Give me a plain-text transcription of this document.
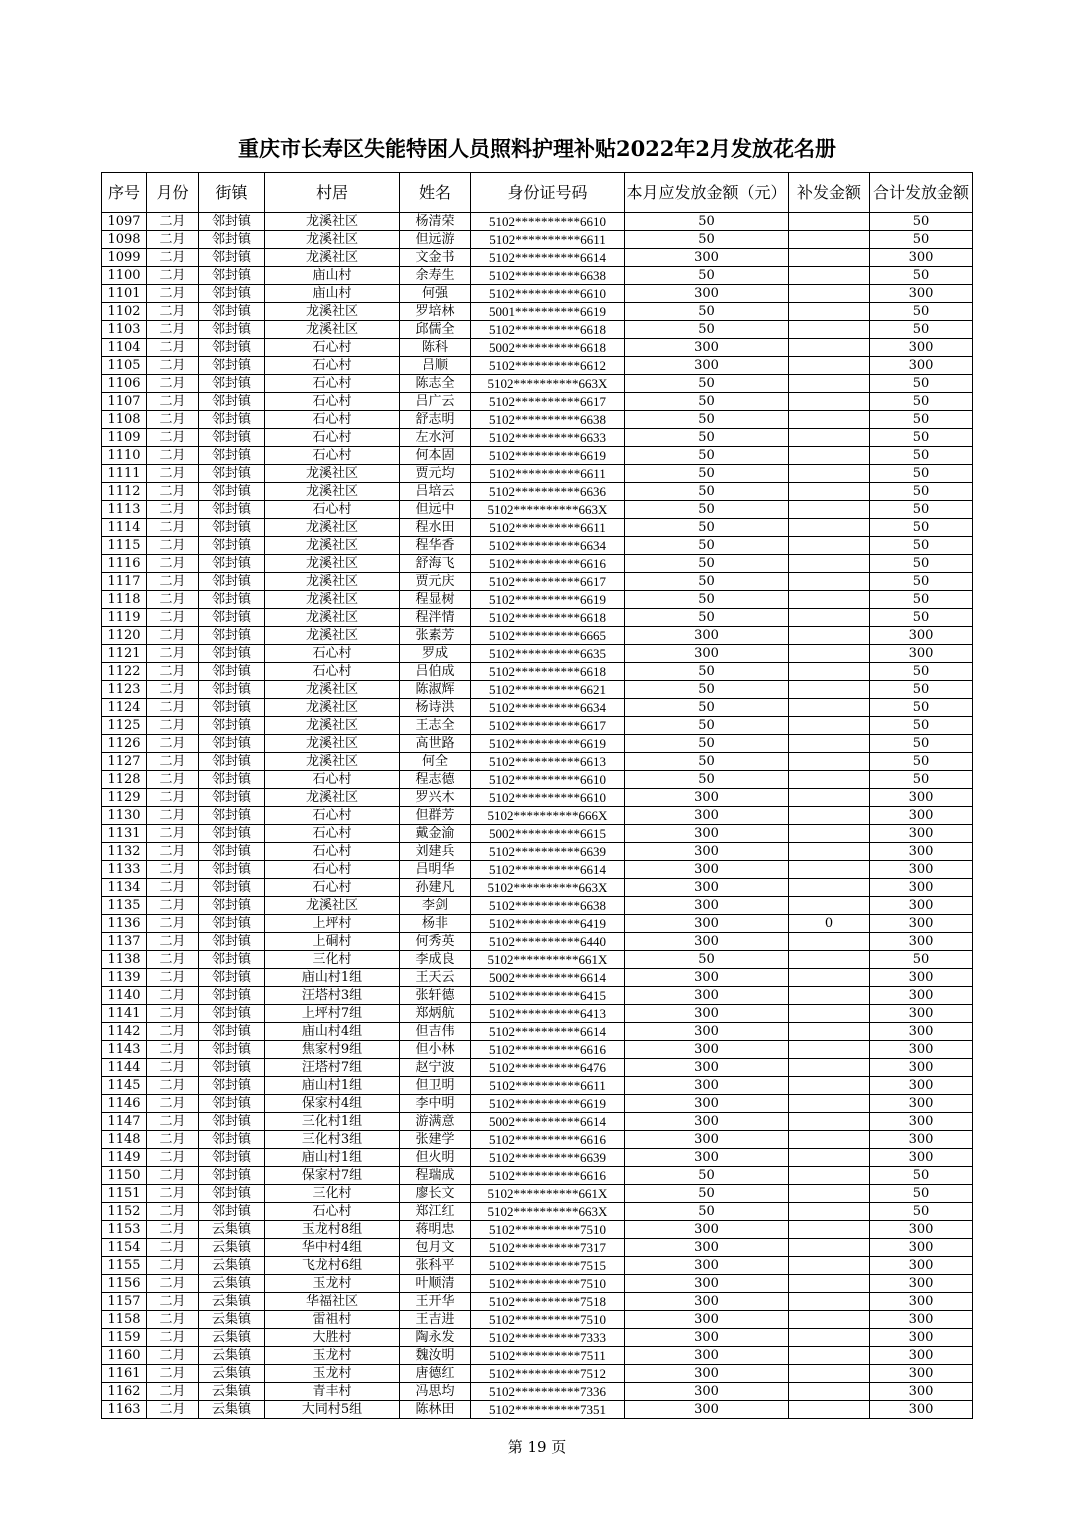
重庆市长寿区失能特困人员照料护理补贴2022年2月发放花名册
序号	月份	街镇	村居	姓名	身份证号码	本月应发放金额（元）	补发金额	合计发放金额
1097	二月	邻封镇	龙溪社区	杨清荣	5102**********6610	50		50
1098	二月	邻封镇	龙溪社区	但远游	5102**********6611	50		50
1099	二月	邻封镇	龙溪社区	文金书	5102**********6614	300		300
1100	二月	邻封镇	庙山村	余寿生	5102**********6638	50		50
1101	二月	邻封镇	庙山村	何强	5102**********6610	300		300
1102	二月	邻封镇	龙溪社区	罗培林	5001**********6619	50		50
1103	二月	邻封镇	龙溪社区	邱儒全	5102**********6618	50		50
1104	二月	邻封镇	石心村	陈科	5002**********6618	300		300
1105	二月	邻封镇	石心村	吕顺	5102**********6612	300		300
1106	二月	邻封镇	石心村	陈志全	5102**********663X	50		50
1107	二月	邻封镇	石心村	吕广云	5102**********6617	50		50
1108	二月	邻封镇	石心村	舒志明	5102**********6638	50		50
1109	二月	邻封镇	石心村	左水河	5102**********6633	50		50
1110	二月	邻封镇	石心村	何本固	5102**********6619	50		50
1111	二月	邻封镇	龙溪社区	贾元均	5102**********6611	50		50
1112	二月	邻封镇	龙溪社区	吕培云	5102**********6636	50		50
1113	二月	邻封镇	石心村	但远中	5102**********663X	50		50
1114	二月	邻封镇	龙溪社区	程水田	5102**********6611	50		50
1115	二月	邻封镇	龙溪社区	程华香	5102**********6634	50		50
1116	二月	邻封镇	龙溪社区	舒海飞	5102**********6616	50		50
1117	二月	邻封镇	龙溪社区	贾元庆	5102**********6617	50		50
1118	二月	邻封镇	龙溪社区	程显树	5102**********6619	50		50
1119	二月	邻封镇	龙溪社区	程泮情	5102**********6618	50		50
1120	二月	邻封镇	龙溪社区	张素芳	5102**********6665	300		300
1121	二月	邻封镇	石心村	罗成	5102**********6635	300		300
1122	二月	邻封镇	石心村	吕伯成	5102**********6618	50		50
1123	二月	邻封镇	龙溪社区	陈淑辉	5102**********6621	50		50
1124	二月	邻封镇	龙溪社区	杨诗洪	5102**********6634	50		50
1125	二月	邻封镇	龙溪社区	王志全	5102**********6617	50		50
1126	二月	邻封镇	龙溪社区	高世路	5102**********6619	50		50
1127	二月	邻封镇	龙溪社区	何全	5102**********6613	50		50
1128	二月	邻封镇	石心村	程志德	5102**********6610	50		50
1129	二月	邻封镇	龙溪社区	罗兴木	5102**********6610	300		300
1130	二月	邻封镇	石心村	但群芳	5102**********666X	300		300
1131	二月	邻封镇	石心村	戴金渝	5002**********6615	300		300
1132	二月	邻封镇	石心村	刘建兵	5102**********6639	300		300
1133	二月	邻封镇	石心村	吕明华	5102**********6614	300		300
1134	二月	邻封镇	石心村	孙建凡	5102**********663X	300		300
1135	二月	邻封镇	龙溪社区	李剑	5102**********6638	300		300
1136	二月	邻封镇	上坪村	杨非	5102**********6419	300	0	300
1137	二月	邻封镇	上硐村	何秀英	5102**********6440	300		300
1138	二月	邻封镇	三化村	李成良	5102**********661X	50		50
1139	二月	邻封镇	庙山村1组	王天云	5002**********6614	300		300
1140	二月	邻封镇	汪塔村3组	张轩德	5102**********6415	300		300
1141	二月	邻封镇	上坪村7组	郑炳航	5102**********6413	300		300
1142	二月	邻封镇	庙山村4组	但吉伟	5102**********6614	300		300
1143	二月	邻封镇	焦家村9组	但小林	5102**********6616	300		300
1144	二月	邻封镇	汪塔村7组	赵宁波	5102**********6476	300		300
1145	二月	邻封镇	庙山村1组	但卫明	5102**********6611	300		300
1146	二月	邻封镇	保家村4组	李中明	5102**********6619	300		300
1147	二月	邻封镇	三化村1组	游满意	5002**********6614	300		300
1148	二月	邻封镇	三化村3组	张建学	5102**********6616	300		300
1149	二月	邻封镇	庙山村1组	但火明	5102**********6639	300		300
1150	二月	邻封镇	保家村7组	程瑞成	5102**********6616	50		50
1151	二月	邻封镇	三化村	廖长文	5102**********661X	50		50
1152	二月	邻封镇	石心村	郑江红	5102**********663X	50		50
1153	二月	云集镇	玉龙村8组	蒋明忠	5102**********7510	300		300
1154	二月	云集镇	华中村4组	包月文	5102**********7317	300		300
1155	二月	云集镇	飞龙村6组	张科平	5102**********7515	300		300
1156	二月	云集镇	玉龙村	叶顺清	5102**********7510	300		300
1157	二月	云集镇	华福社区	王开华	5102**********7518	300		300
1158	二月	云集镇	雷祖村	王吉进	5102**********7510	300		300
1159	二月	云集镇	大胜村	陶永发	5102**********7333	300		300
1160	二月	云集镇	玉龙村	魏汝明	5102**********7511	300		300
1161	二月	云集镇	玉龙村	唐德红	5102**********7512	300		300
1162	二月	云集镇	青丰村	冯思均	5102**********7336	300		300
1163	二月	云集镇	大同村5组	陈林田	5102**********7351	300		300
第 19 页
